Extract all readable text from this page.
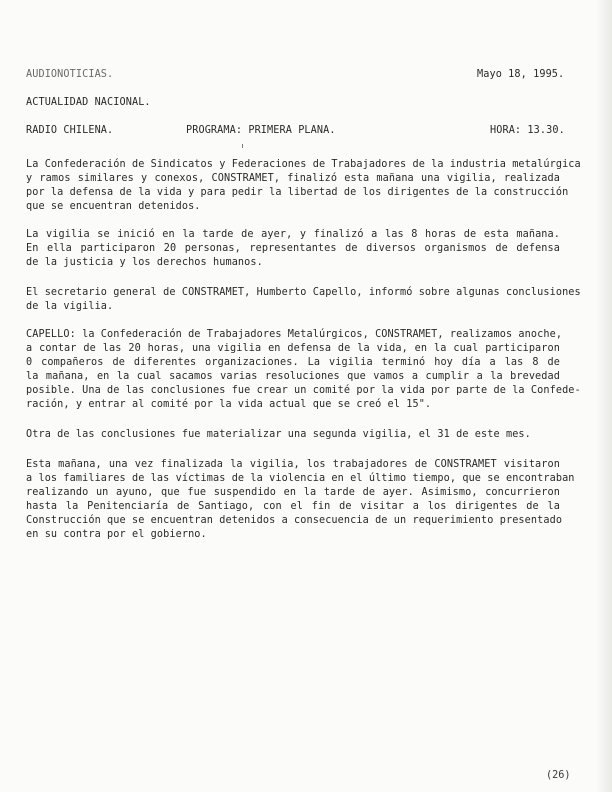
AUDIONOTICIAS.	Mayo 18, 1995.
ACTUALIDAD NACIONAL.
RADIO CHILENA.	PROGRAMA: PRIMERA PLANA.	HORA: 13.30.
La Confederación de Sindicatos y Federaciones de Trabajadores de la industria metalúrgica
y ramos similares y conexos, CONSTRAMET, finalizó esta mañana una vigilia, realizada
por la defensa de la vida y para pedir la libertad de los dirigentes de la construcción
que se encuentran detenidos.
La vigilia se inició en la tarde de ayer, y finalizó a las 8 horas de esta mañana.
En ella participaron 20 personas, representantes de diversos organismos de defensa
de la justicia y los derechos humanos.
El secretario general de CONSTRAMET, Humberto Capello, informó sobre algunas conclusiones
de la vigilia.
CAPELLO: la Confederación de Trabajadores Metalúrgicos, CONSTRAMET, realizamos anoche,
a contar de las 20 horas, una vigilia en defensa de la vida, en la cual participaron
0 compañeros de diferentes organizaciones. La vigilia terminó hoy día a las 8 de
la mañana, en la cual sacamos varias resoluciones que vamos a cumplir a la brevedad
posible. Una de las conclusiones fue crear un comité por la vida por parte de la Confede-
ración, y entrar al comité por la vida actual que se creó el 15".
Otra de las conclusiones fue materializar una segunda vigilia, el 31 de este mes.
Esta mañana, una vez finalizada la vigilia, los trabajadores de CONSTRAMET visitaron
a los familiares de las víctimas de la violencia en el último tiempo, que se encontraban
realizando un ayuno, que fue suspendido en la tarde de ayer. Asimismo, concurrieron
hasta la Penitenciaría de Santiago, con el fin de visitar a los dirigentes de la
Construcción que se encuentran detenidos a consecuencia de un requerimiento presentado
en su contra por el gobierno.
(26)
